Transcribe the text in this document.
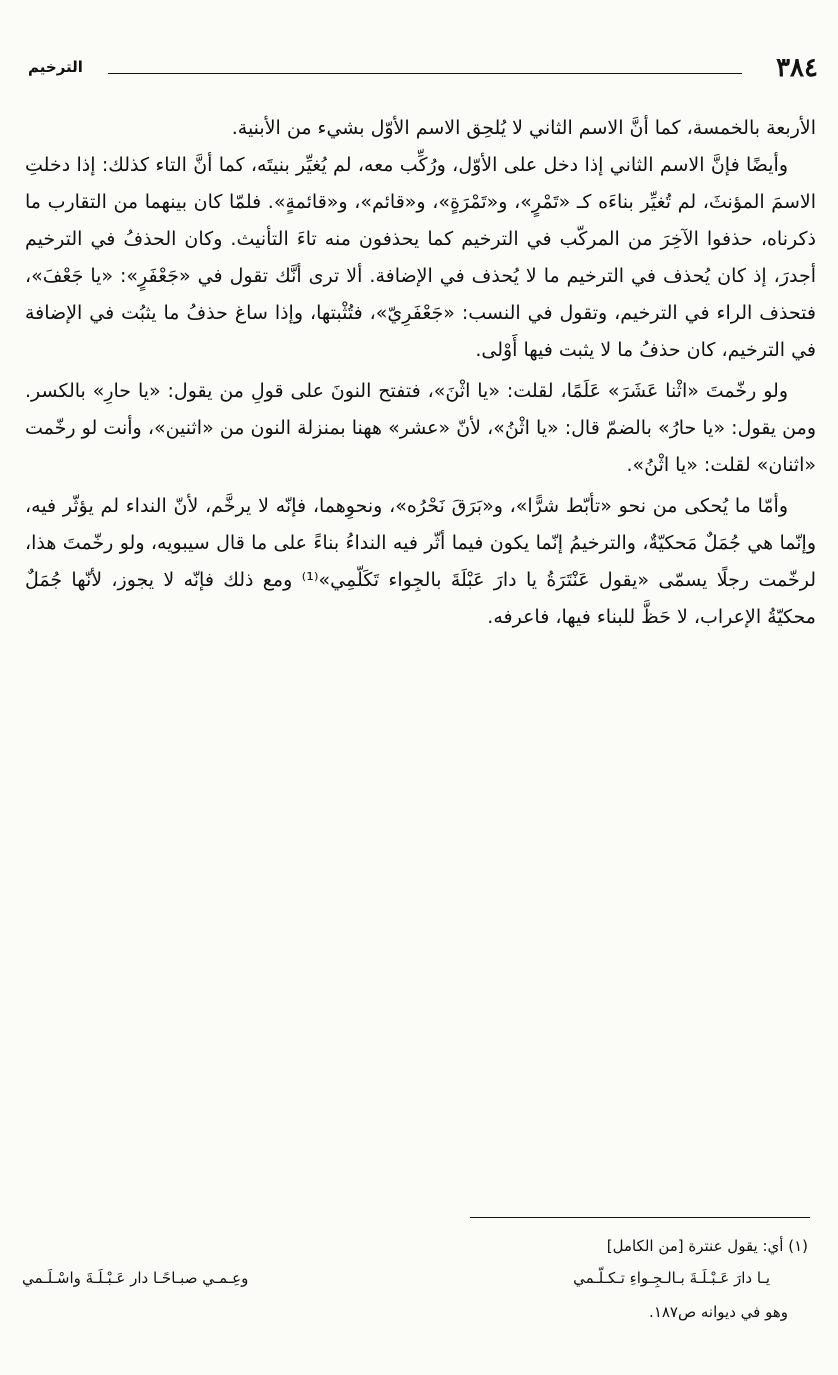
٣٨٤
الترخيم

الأربعة بالخمسة، كما أنَّ الاسم الثاني لا يُلحِق الاسم الأوّل بشيء من الأبنية.

وأيضًا فإنَّ الاسم الثاني إذا دخل على الأوّل، ورُكِّب معه، لم يُغيِّر بنيتَه، كما أنَّ التاء كذلك: إذا دخلتِ الاسمَ المؤنثَ، لم تُغيِّر بناءَه كـ «تَمْرٍ»، و«تَمْرَةٍ»، و«قائم»، و«قائمةٍ». فلمّا كان بينهما من التقارب ما ذكرناه، حذفوا الآخِرَ من المركّب في الترخيم كما يحذفون منه تاءَ التأنيث. وكان الحذفُ في الترخيم أجدرَ، إذ كان يُحذف في الترخيم ما لا يُحذف في الإضافة. ألا ترى أنَّك تقول في «جَعْفَرٍ»: «يا جَعْفَ»، فتحذف الراء في الترخيم، وتقول في النسب: «جَعْفَرِيّ»، فتُثْبتها، وإذا ساغ حذفُ ما يثبُت في الإضافة في الترخيم، كان حذفُ ما لا يثبت فيها أَوْلى.

ولو رخّمتَ «اثْنا عَشَرَ» عَلَمًا، لقلت: «يا اثْنَ»، فتفتح النونَ على قولِ من يقول: «يا حارِ» بالكسر. ومن يقول: «يا حارُ» بالضمّ قال: «يا اثْنُ»، لأنّ «عشر» ههنا بمنزلة النون من «اثنين»، وأنت لو رخّمت «اثنان» لقلت: «يا اثْنُ».

وأمّا ما يُحكى من نحو «تأبّط شرًّا»، و«بَرَقَ نَحْرُه»، ونحوِهما، فإنّه لا يرخَّم، لأنّ النداء لم يؤثّر فيه، وإنّما هي جُمَلٌ مَحكيّةٌ، والترخيمُ إنّما يكون فيما أثّر فيه النداءُ بناءً على ما قال سيبويه، ولو رخّمتَ هذا، لرخّمت رجلًا يسمّى «يقول عَنْتَرَةُ يا دارَ عَبْلَةَ بالجِواء تَكَلّمِي»⁽¹⁾ ومع ذلك فإنّه لا يجوز، لأنّها جُمَلٌ محكيّةُ الإعراب، لا حَظَّ للبناء فيها، فاعرفه.

(١) أي: يقول عنترة [من الكامل]
يـا دارَ عَـبْـلَـةَ بـالـجِـواءِ تـكـلّـمي
وعِـمـي صبـاحًـا دار عَـبْـلَـةَ واسْـلَـمي
وهو في ديوانه ص١٨٧.
